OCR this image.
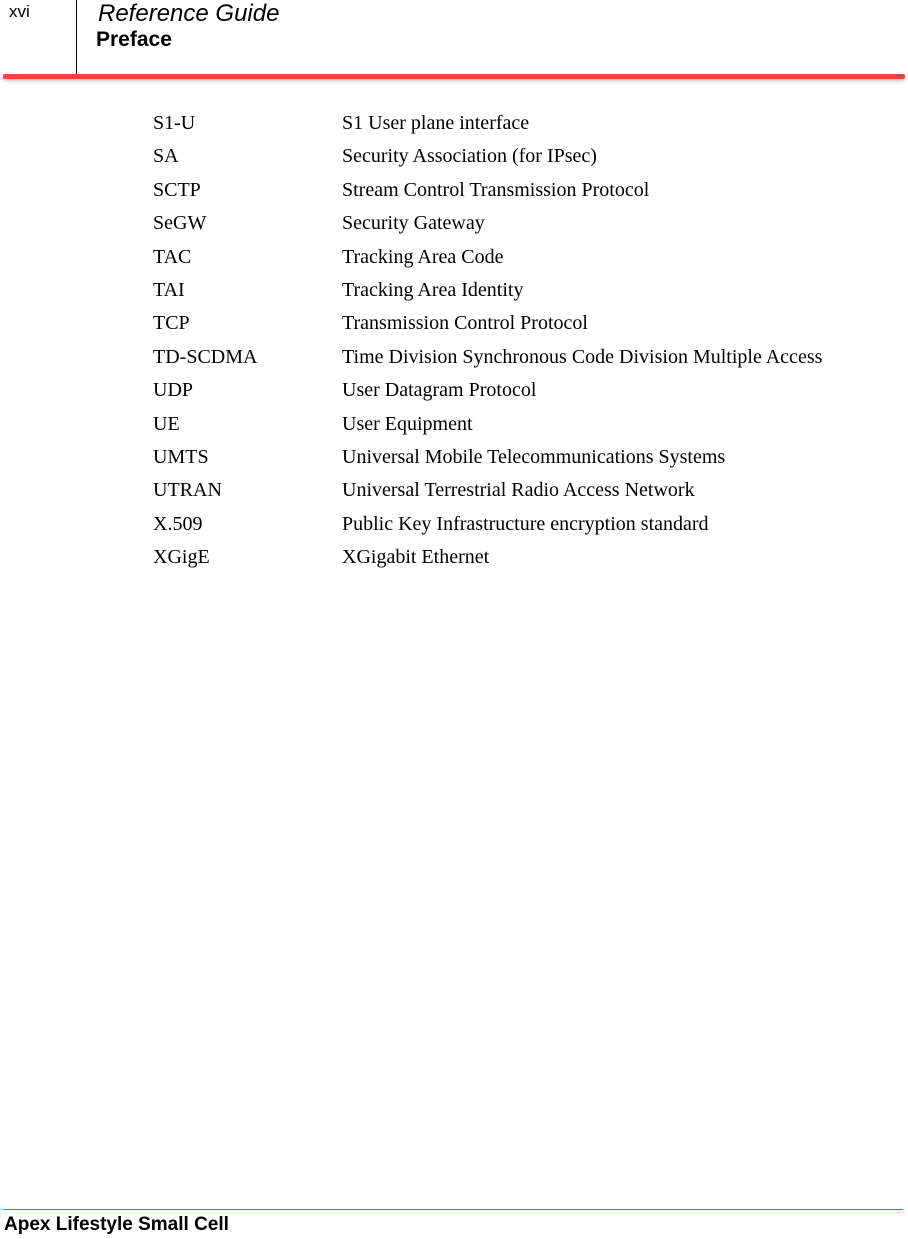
xvi	Reference Guide
Preface
S1-U	S1 User plane interface
SA	Security Association (for IPsec)
SCTP	Stream Control Transmission Protocol
SeGW	Security Gateway
TAC	Tracking Area Code
TAI	Tracking Area Identity
TCP	Transmission Control Protocol
TD-SCDMA	Time Division Synchronous Code Division Multiple Access
UDP	User Datagram Protocol
UE	User Equipment
UMTS	Universal Mobile Telecommunications Systems
UTRAN	Universal Terrestrial Radio Access Network
X.509	Public Key Infrastructure encryption standard
XGigE	XGigabit Ethernet
Apex Lifestyle Small Cell
